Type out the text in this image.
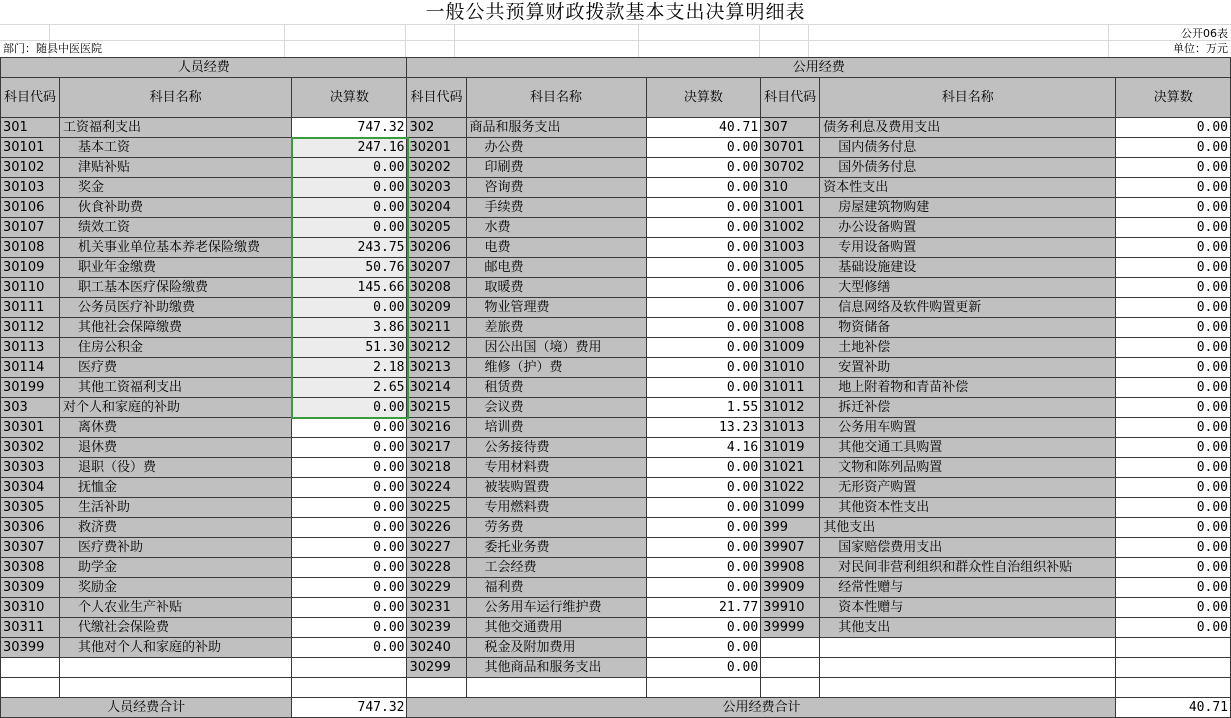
一般公共预算财政拨款基本支出决算明细表
公开06表
部门：随县中医医院	单位：万元
人员经费			公用经费					
科目代码	科目名称	决算数	科目代码	科目名称	决算数	科目代码	科目名称	决算数
301	工资福利支出	747.32	302	商品和服务支出	40.71	307	债务利息及费用支出	0.00
30101	基本工资	247.16	30201	办公费	0.00	30701	国内债务付息	0.00
30102	津贴补贴	0.00	30202	印刷费	0.00	30702	国外债务付息	0.00
30103	奖金	0.00	30203	咨询费	0.00	310	资本性支出	0.00
30106	伙食补助费	0.00	30204	手续费	0.00	31001	房屋建筑物购建	0.00
30107	绩效工资	0.00	30205	水费	0.00	31002	办公设备购置	0.00
30108	机关事业单位基本养老保险缴费	243.75	30206	电费	0.00	31003	专用设备购置	0.00
30109	职业年金缴费	50.76	30207	邮电费	0.00	31005	基础设施建设	0.00
30110	职工基本医疗保险缴费	145.66	30208	取暖费	0.00	31006	大型修缮	0.00
30111	公务员医疗补助缴费	0.00	30209	物业管理费	0.00	31007	信息网络及软件购置更新	0.00
30112	其他社会保障缴费	3.86	30211	差旅费	0.00	31008	物资储备	0.00
30113	住房公积金	51.30	30212	因公出国（境）费用	0.00	31009	土地补偿	0.00
30114	医疗费	2.18	30213	维修（护）费	0.00	31010	安置补助	0.00
30199	其他工资福利支出	2.65	30214	租赁费	0.00	31011	地上附着物和青苗补偿	0.00
303	对个人和家庭的补助	0.00	30215	会议费	1.55	31012	拆迁补偿	0.00
30301	离休费	0.00	30216	培训费	13.23	31013	公务用车购置	0.00
30302	退休费	0.00	30217	公务接待费	4.16	31019	其他交通工具购置	0.00
30303	退职（役）费	0.00	30218	专用材料费	0.00	31021	文物和陈列品购置	0.00
30304	抚恤金	0.00	30224	被装购置费	0.00	31022	无形资产购置	0.00
30305	生活补助	0.00	30225	专用燃料费	0.00	31099	其他资本性支出	0.00
30306	救济费	0.00	30226	劳务费	0.00	399	其他支出	0.00
30307	医疗费补助	0.00	30227	委托业务费	0.00	39907	国家赔偿费用支出	0.00
30308	助学金	0.00	30228	工会经费	0.00	39908	对民间非营利组织和群众性自治组织补贴	0.00
30309	奖励金	0.00	30229	福利费	0.00	39909	经常性赠与	0.00
30310	个人农业生产补贴	0.00	30231	公务用车运行维护费	21.77	39910	资本性赠与	0.00
30311	代缴社会保险费	0.00	30239	其他交通费用	0.00	39999	其他支出	0.00
30399	其他对个人和家庭的补助	0.00	30240	税金及附加费用	0.00			
			30299	其他商品和服务支出	0.00			

人员经费合计		747.32	公用经费合计					40.71
